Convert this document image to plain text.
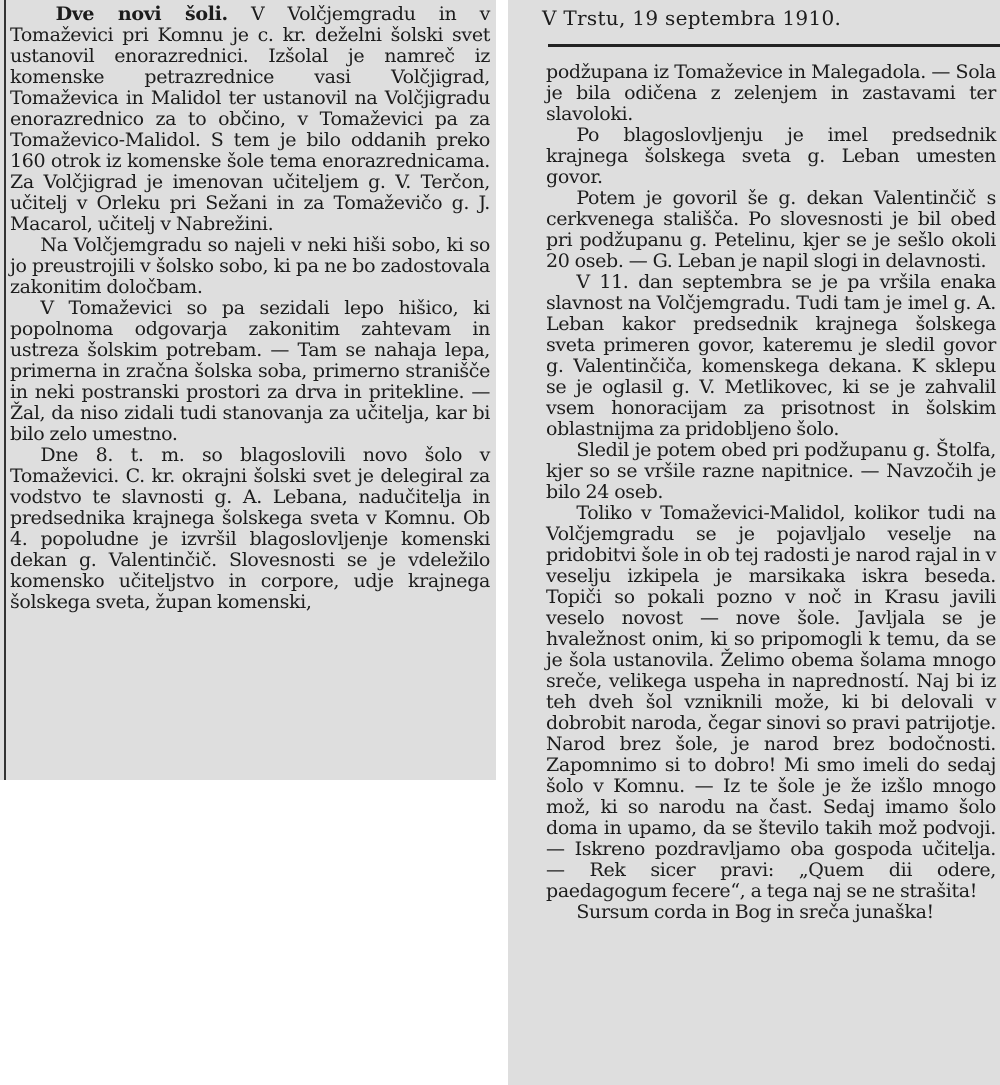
Dve novi šoli. V Volčjemgradu in v Tomaževici pri Komnu je c. kr. deželni šolski svet ustanovil enorazrednici. Izšolal je namreč iz komenske petrazrednice vasi Volčjigrad, Tomaževica in Malidol ter ustanovil na Volčjigradu enorazrednico za to občino, v Tomaževici pa za Tomaževico-Malidol. S tem je bilo oddanih preko 160 otrok iz komenske šole tema enorazrednicama. Za Volčjigrad je imenovan učiteljem g. V. Terčon, učitelj v Orleku pri Sežani in za Tomaževičo g. J. Macarol, učitelj v Nabrežini.

Na Volčjemgradu so najeli v neki hiši sobo, ki so jo preustrojili v šolsko sobo, ki pa ne bo zadostovala zakonitim določbam.

V Tomaževici so pa sezidali lepo hišico, ki popolnoma odgovarja zakonitim zahtevam in ustreza šolskim potrebam. — Tam se nahaja lepa, primerna in zračna šolska soba, primerno stranišče in neki postranski prostori za drva in pritekline. — Žal, da niso zidali tudi stanovanja za učitelja, kar bi bilo zelo umestno.

Dne 8. t. m. so blagoslovili novo šolo v Tomaževici. C. kr. okrajni šolski svet je delegiral za vodstvo te slavnosti g. A. Lebana, nadučitelja in predsednika krajnega šolskega sveta v Komnu. Ob 4. popoludne je izvršil blagoslovljenje komenski dekan g. Valentinčič. Slovesnosti se je vdeležilo komensko učiteljstvo in corpore, udje krajnega šolskega sveta, župan komenski,

V Trstu, 19 septembra 1910.

podžupana iz Tomaževice in Malegadola. — Sola je bila odičena z zelenjem in zastavami ter slavoloki.

Po blagoslovljenju je imel predsednik krajnega šolskega sveta g. Leban umesten govor.

Potem je govoril še g. dekan Valentinčič s cerkvenega stališča. Po slovesnosti je bil obed pri podžupanu g. Petelinu, kjer se je sešlo okoli 20 oseb. — G. Leban je napil slogi in delavnosti.

V 11. dan septembra se je pa vršila enaka slavnost na Volčjemgradu. Tudi tam je imel g. A. Leban kakor predsednik krajnega šolskega sveta primeren govor, kateremu je sledil govor g. Valentinčiča, komenskega dekana. K sklepu se je oglasil g. V. Metlikovec, ki se je zahvalil vsem honoracijam za prisotnost in šolskim oblastnijma za pridobljeno šolo.

Sledil je potem obed pri podžupanu g. Štolfa, kjer so se vršile razne napitnice. — Navzočih je bilo 24 oseb.

Toliko v Tomaževici-Malidol, kolikor tudi na Volčjemgradu se je pojavljalo veselje na pridobitvi šole in ob tej radosti je narod rajal in v veselju izkipela je marsikaka iskra beseda. Topiči so pokali pozno v noč in Krasu javili veselo novost — nove šole. Javljala se je hvaležnost onim, ki so pripomogli k temu, da se je šola ustanovila. Želimo obema šolama mnogo sreče, velikega uspeha in napredností. Naj bi iz teh dveh šol vzniknili može, ki bi delovali v dobrobit naroda, čegar sinovi so pravi patrijotje. Narod brez šole, je narod brez bodočnosti. Zapomnimo si to dobro! Mi smo imeli do sedaj šolo v Komnu. — Iz te šole je že izšlo mnogo mož, ki so narodu na čast. Sedaj imamo šolo doma in upamo, da se število takih mož podvoji. — Iskreno pozdravljamo oba gospoda učitelja. — Rek sicer pravi: „Quem dii odere, paedagogum fecere“, a tega naj se ne strašita!

Sursum corda in Bog in sreča junaška!
